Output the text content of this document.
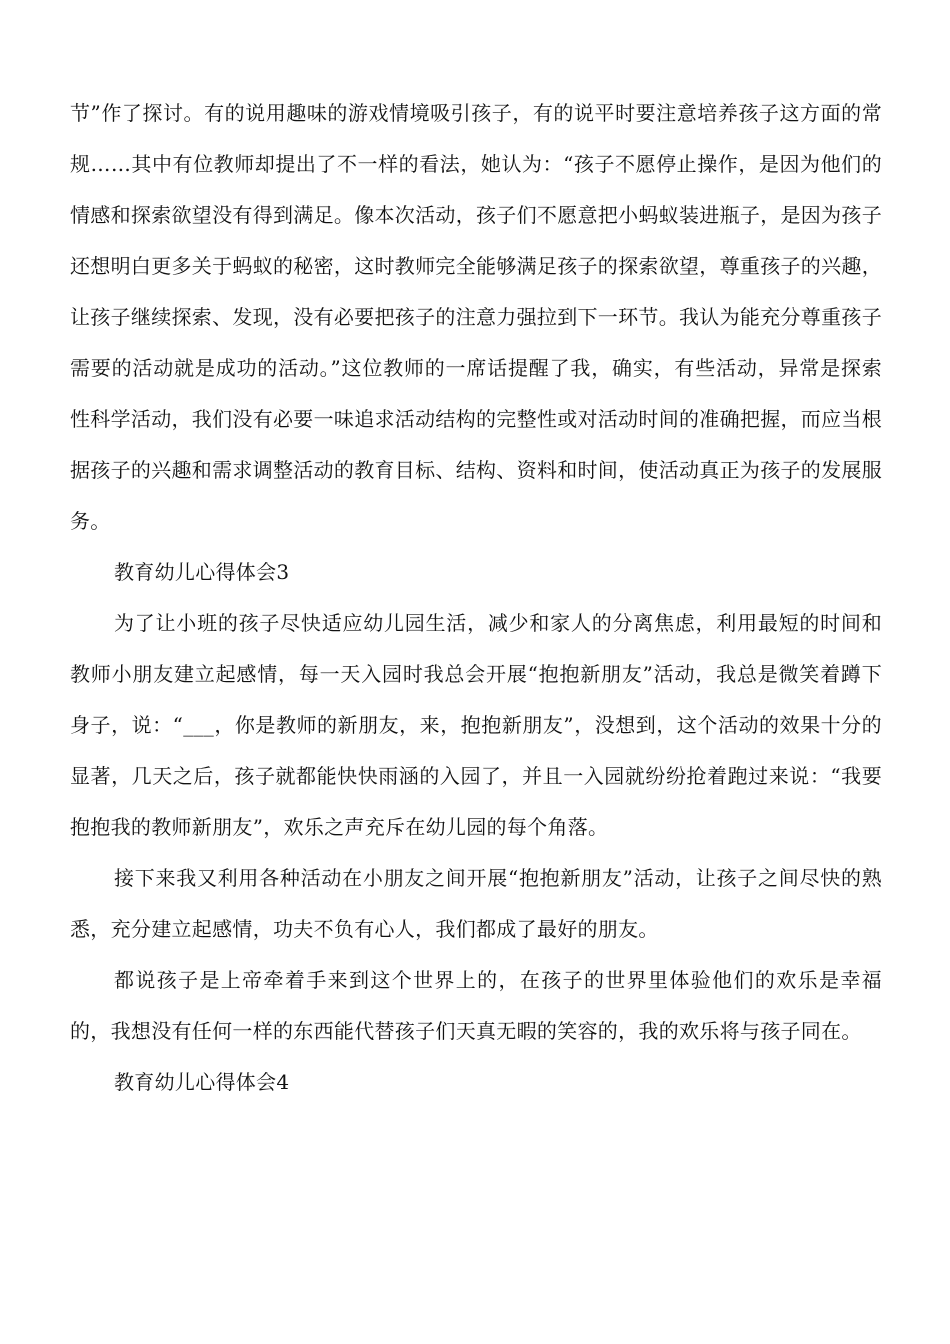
节”作了探讨。有的说用趣味的游戏情境吸引孩子，有的说平时要注意培养孩子这方面的常规……其中有位教师却提出了不一样的看法，她认为：“孩子不愿停止操作，是因为他们的情感和探索欲望没有得到满足。像本次活动，孩子们不愿意把小蚂蚁装进瓶子，是因为孩子还想明白更多关于蚂蚁的秘密，这时教师完全能够满足孩子的探索欲望，尊重孩子的兴趣，让孩子继续探索、发现，没有必要把孩子的注意力强拉到下一环节。我认为能充分尊重孩子需要的活动就是成功的活动。”这位教师的一席话提醒了我，确实，有些活动，异常是探索性科学活动，我们没有必要一味追求活动结构的完整性或对活动时间的准确把握，而应当根据孩子的兴趣和需求调整活动的教育目标、结构、资料和时间，使活动真正为孩子的发展服务。

教育幼儿心得体会3

为了让小班的孩子尽快适应幼儿园生活，减少和家人的分离焦虑，利用最短的时间和教师小朋友建立起感情，每一天入园时我总会开展“抱抱新朋友”活动，我总是微笑着蹲下身子，说：“___，你是教师的新朋友，来，抱抱新朋友”，没想到，这个活动的效果十分的显著，几天之后，孩子就都能快快雨涵的入园了，并且一入园就纷纷抢着跑过来说：“我要抱抱我的教师新朋友”，欢乐之声充斥在幼儿园的每个角落。

接下来我又利用各种活动在小朋友之间开展“抱抱新朋友”活动，让孩子之间尽快的熟悉，充分建立起感情，功夫不负有心人，我们都成了最好的朋友。

都说孩子是上帝牵着手来到这个世界上的，在孩子的世界里体验他们的欢乐是幸福的，我想没有任何一样的东西能代替孩子们天真无暇的笑容的，我的欢乐将与孩子同在。

教育幼儿心得体会4
